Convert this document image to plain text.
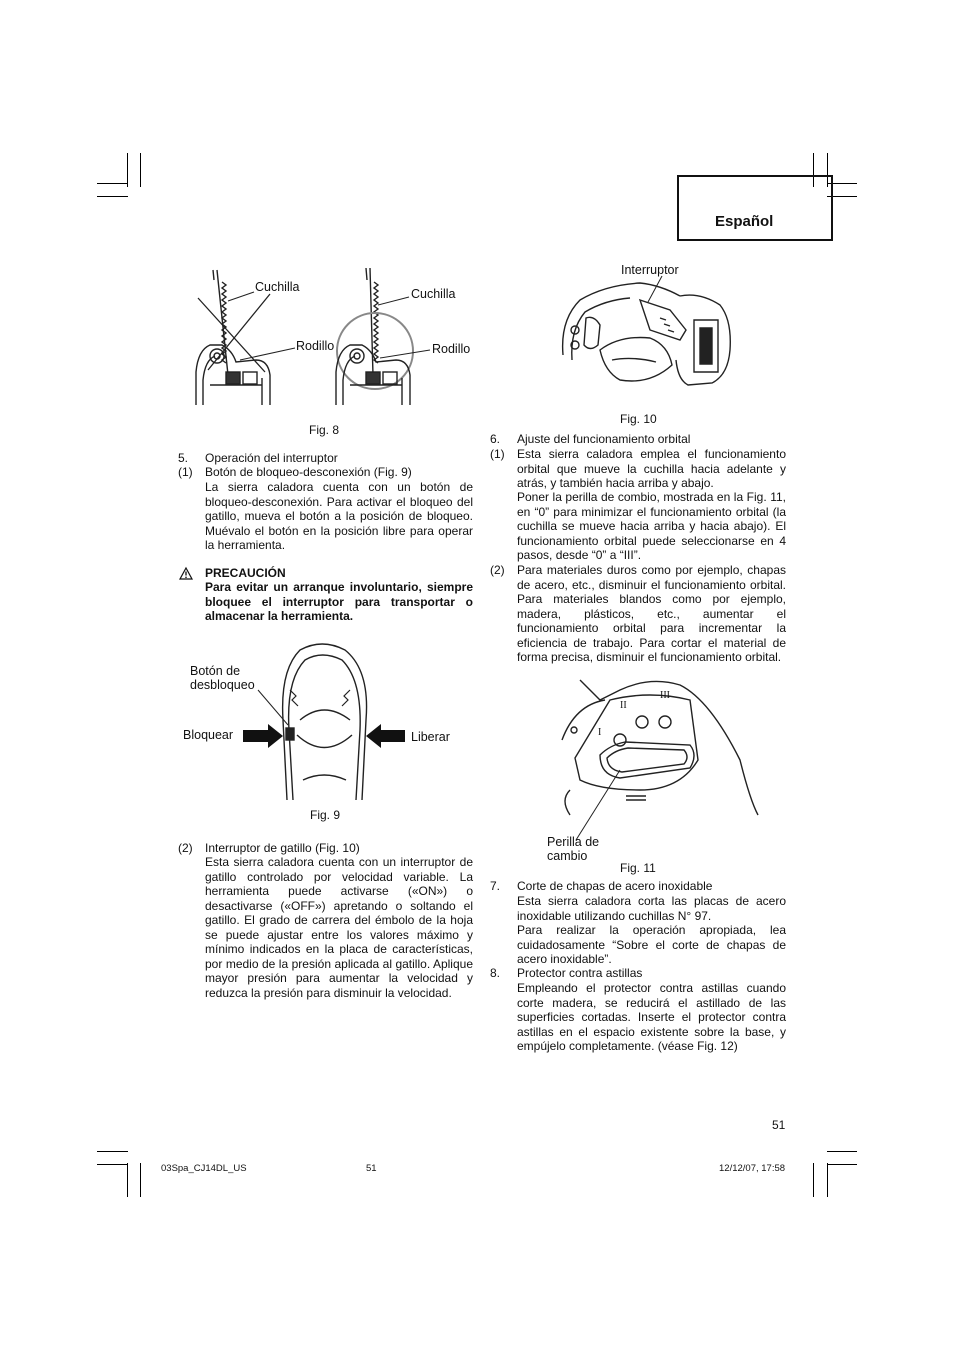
Español
Cuchilla
Rodillo
Cuchilla
Rodillo
Fig. 8
5. Operación del interruptor
(1) Botón de bloqueo-desconexión (Fig. 9)
La sierra caladora cuenta con un botón de bloqueo-desconexión. Para activar el bloqueo del gatillo, mueva el botón a la posición de bloqueo. Muévalo el botón en la posición libre para operar la herramienta.
PRECAUCIÓN
Para evitar un arranque involuntario, siempre bloquee el interruptor para transportar o almacenar la herramienta.
Botón de
desbloqueo
Bloquear	Liberar
Fig. 9
(2) Interruptor de gatillo (Fig. 10)
Esta sierra caladora cuenta con un interruptor de gatillo controlado por velocidad variable. La herramienta puede activarse («ON») o desactivarse («OFF») apretando o soltando el gatillo. El grado de carrera del émbolo de la hoja se puede ajustar entre los valores máximo y mínimo indicados en la placa de características, por medio de la presión aplicada al gatillo. Aplique mayor presión para aumentar la velocidad y reduzca la presión para disminuir la velocidad.
Interruptor
Fig. 10
6. Ajuste del funcionamiento orbital
(1) Esta sierra caladora emplea el funcionamiento orbital que mueve la cuchilla hacia adelante y atrás, y también hacia arriba y abajo.
Poner la perilla de combio, mostrada en la Fig. 11, en “0” para minimizar el funcionamiento orbital (la cuchilla se mueve hacia arriba y hacia abajo). El funcionamiento orbital puede seleccionarse en 4 pasos, desde “0” a “III”.
(2) Para materiales duros como por ejemplo, chapas de acero, etc., disminuir el funcionamiento orbital. Para materiales blandos como por ejemplo, madera, plásticos, etc., aumentar el funcionamiento orbital para incrementar la eficiencia de trabajo. Para cortar el material de forma precisa, disminuir el funcionamiento orbital.
I
II
III
Perilla de
cambio
Fig. 11
7. Corte de chapas de acero inoxidable
Esta sierra caladora corta las placas de acero inoxidable utilizando cuchillas N° 97.
Para realizar la operación apropiada, lea cuidadosamente “Sobre el corte de chapas de acero inoxidable”.
8. Protector contra astillas
Empleando el protector contra astillas cuando corte madera, se reducirá el astillado de las superficies cortadas. Inserte el protector contra astillas en el espacio existente sobre la base, y empújelo completamente. (véase Fig. 12)
51
03Spa_CJ14DL_US	51	12/12/07, 17:58
